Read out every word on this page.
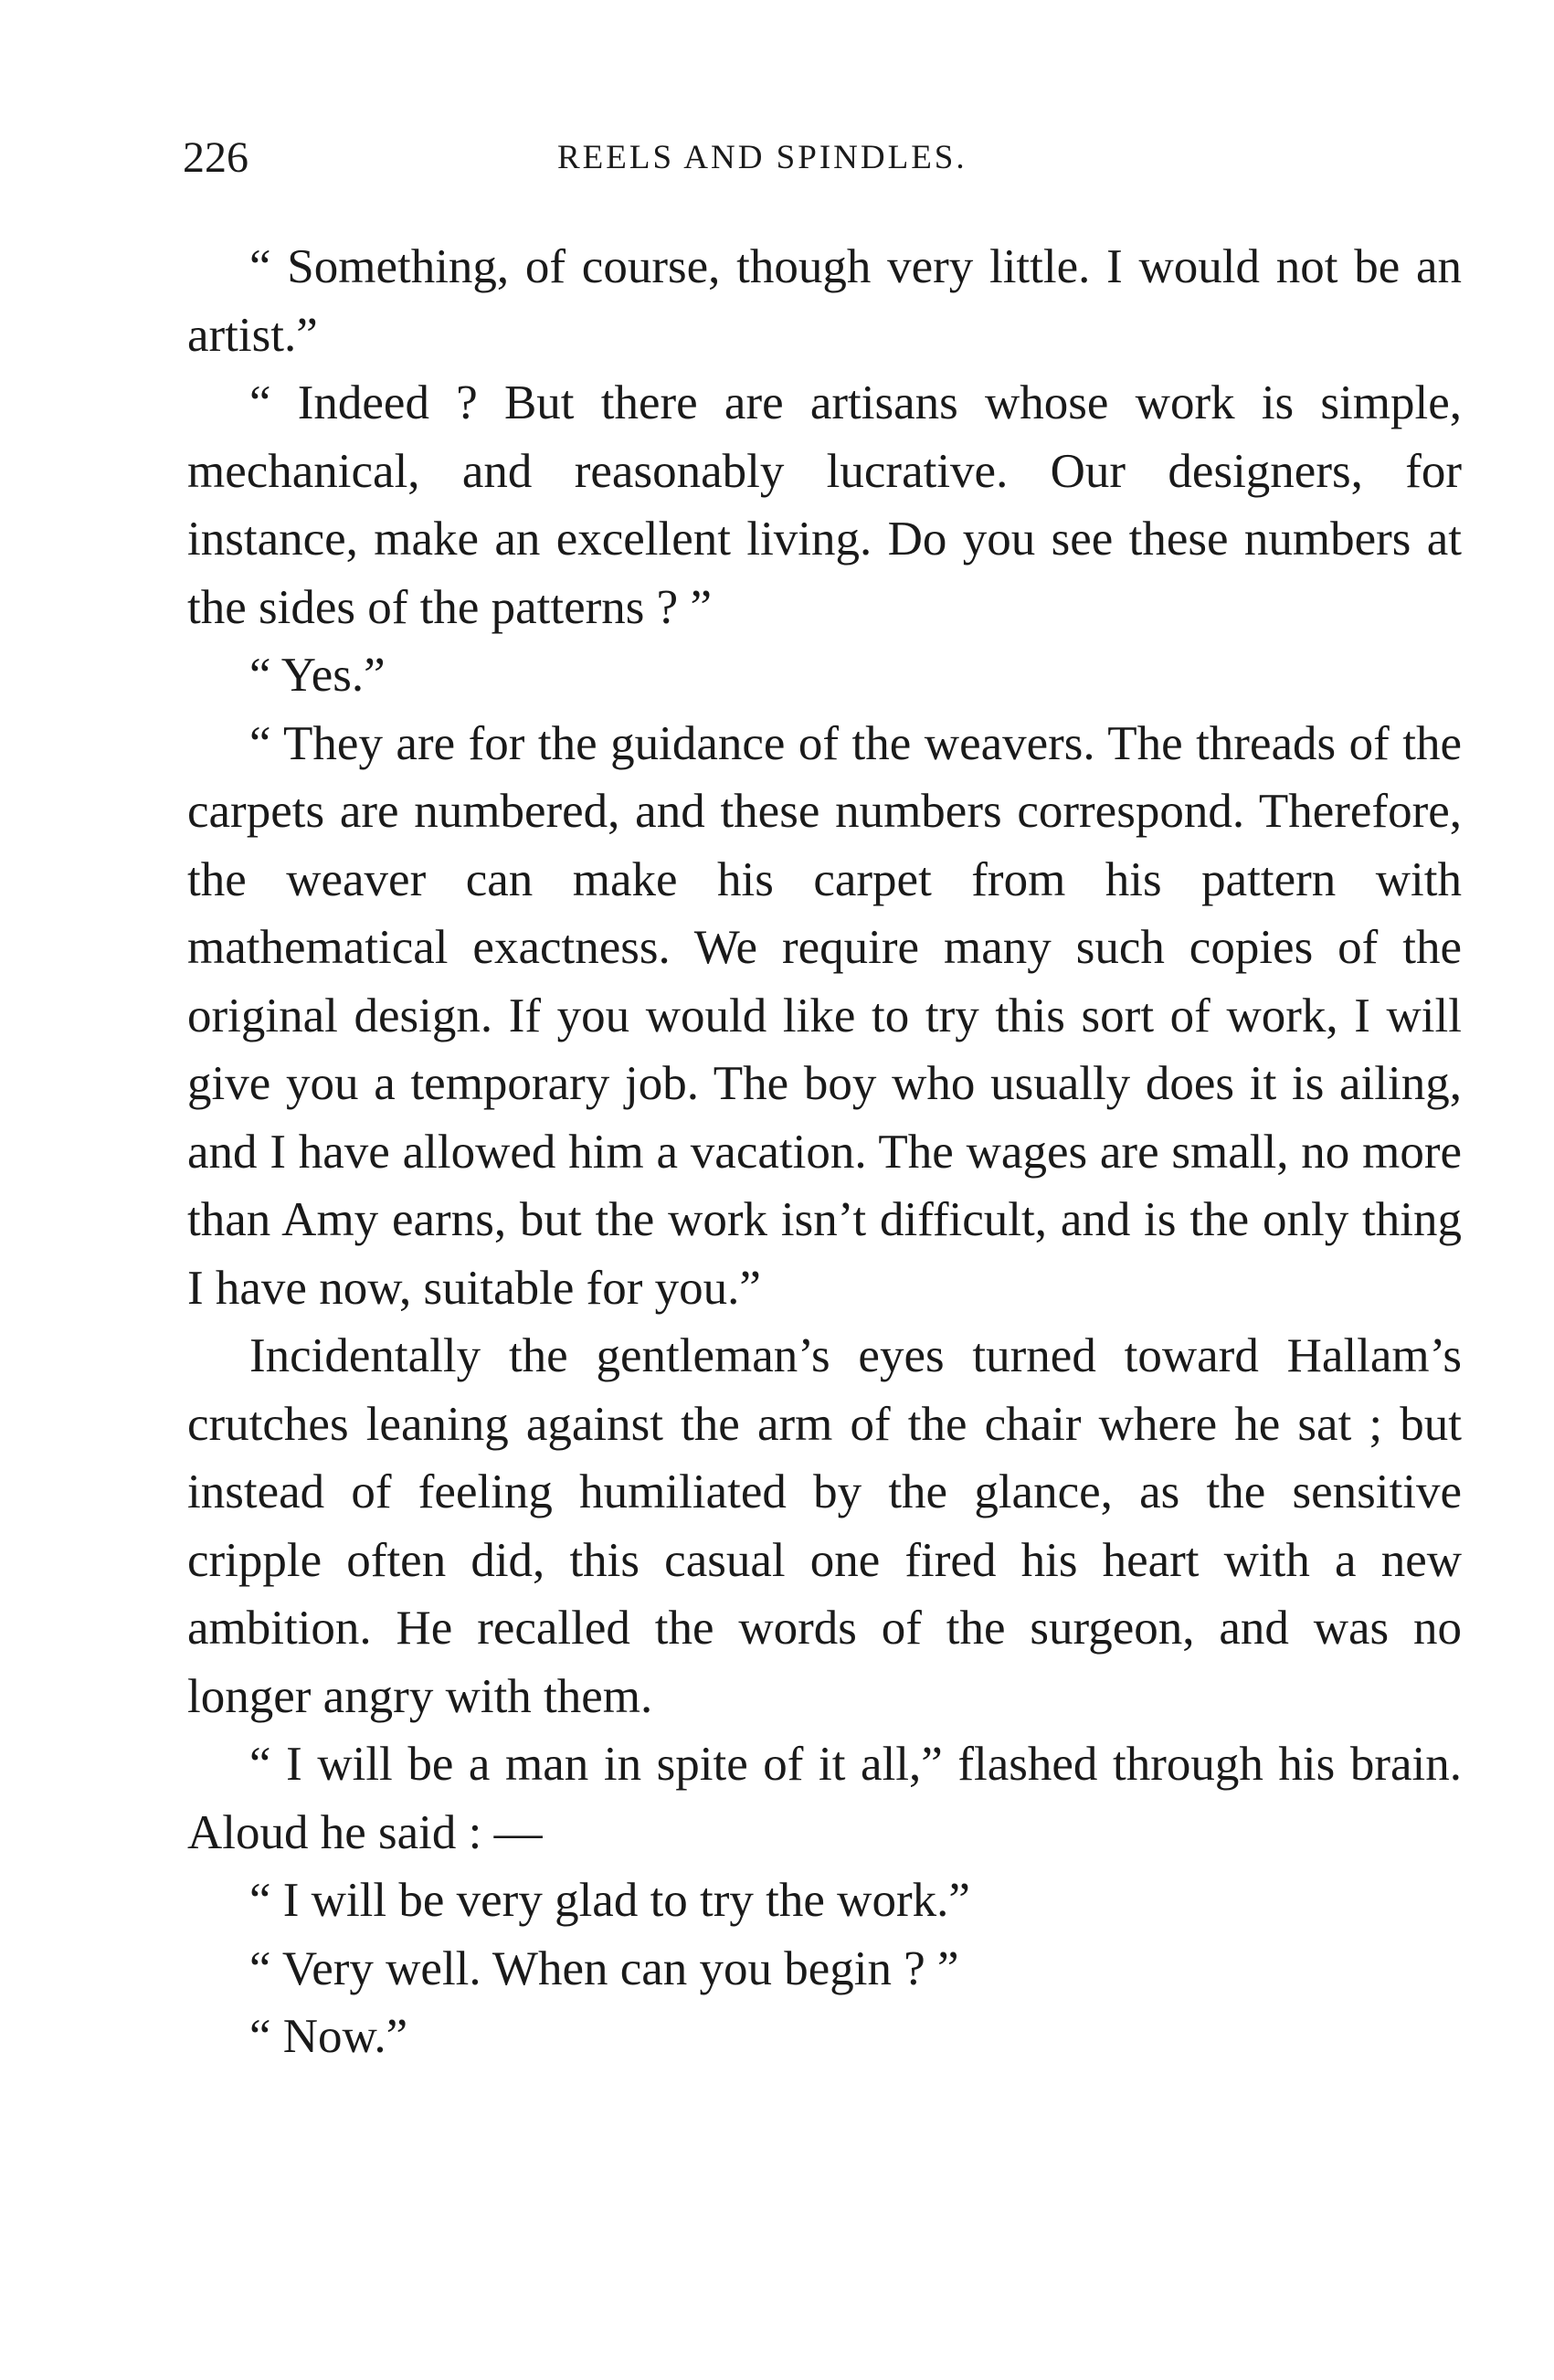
226	REELS AND SPINDLES.

“ Something, of course, though very little. I would not be an artist.”

“ Indeed ? But there are artisans whose work is simple, mechanical, and reasonably lucrative. Our designers, for instance, make an excellent living. Do you see these numbers at the sides of the patterns ? ”

“ Yes.”

“ They are for the guidance of the weavers. The threads of the carpets are numbered, and these numbers correspond. Therefore, the weaver can make his carpet from his pattern with mathematical exactness. We require many such copies of the original design. If you would like to try this sort of work, I will give you a temporary job. The boy who usually does it is ailing, and I have allowed him a vacation. The wages are small, no more than Amy earns, but the work isn’t difficult, and is the only thing I have now, suitable for you.”

Incidentally the gentleman’s eyes turned toward Hallam’s crutches leaning against the arm of the chair where he sat ; but instead of feeling humiliated by the glance, as the sensitive cripple often did, this casual one fired his heart with a new ambition. He recalled the words of the surgeon, and was no longer angry with them.

“ I will be a man in spite of it all,” flashed through his brain. Aloud he said : —

“ I will be very glad to try the work.”

“ Very well. When can you begin ? ”

“ Now.”
